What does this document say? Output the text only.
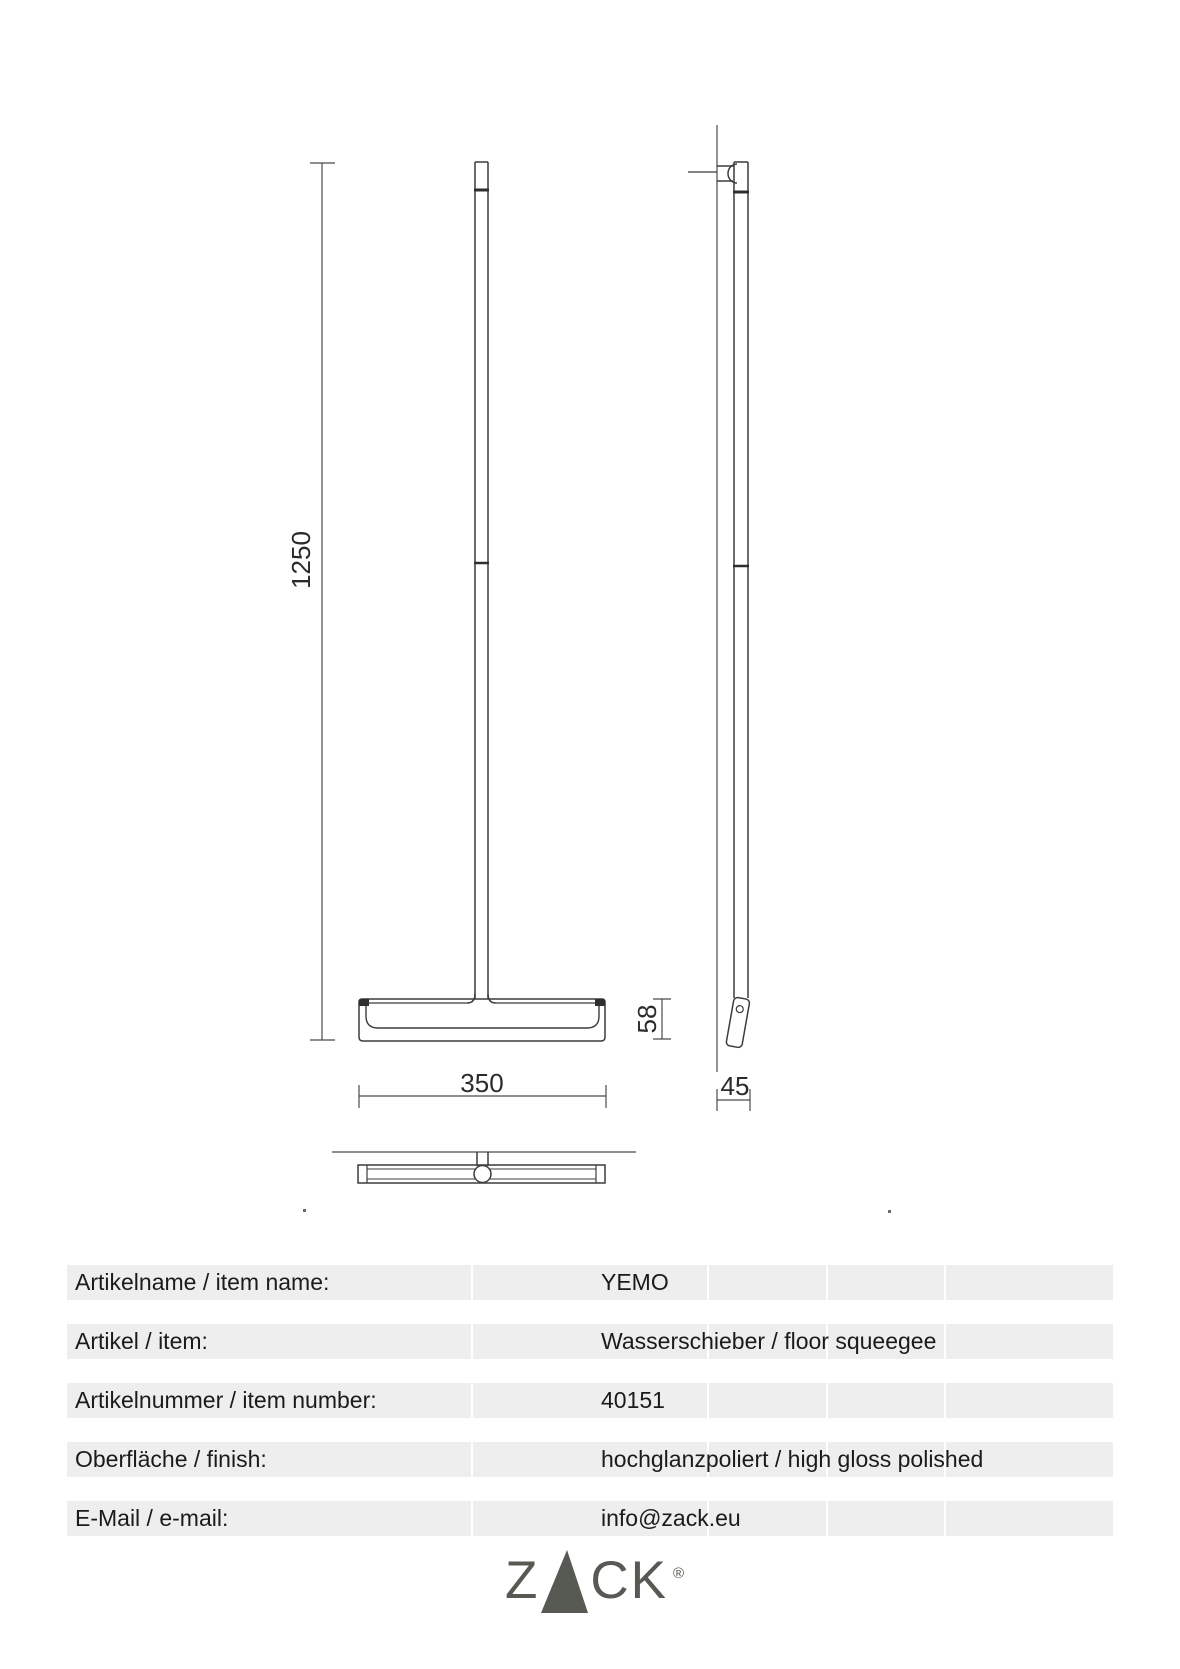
1250
350
58
45
Artikelname / item name:	YEMO
Artikel / item:	Wasserschieber / floor squeegee
Artikelnummer / item number:	40151
Oberfläche / finish:	hochglanzpoliert / high gloss polished
E-Mail / e-mail:	info@zack.eu
Z CK ®
